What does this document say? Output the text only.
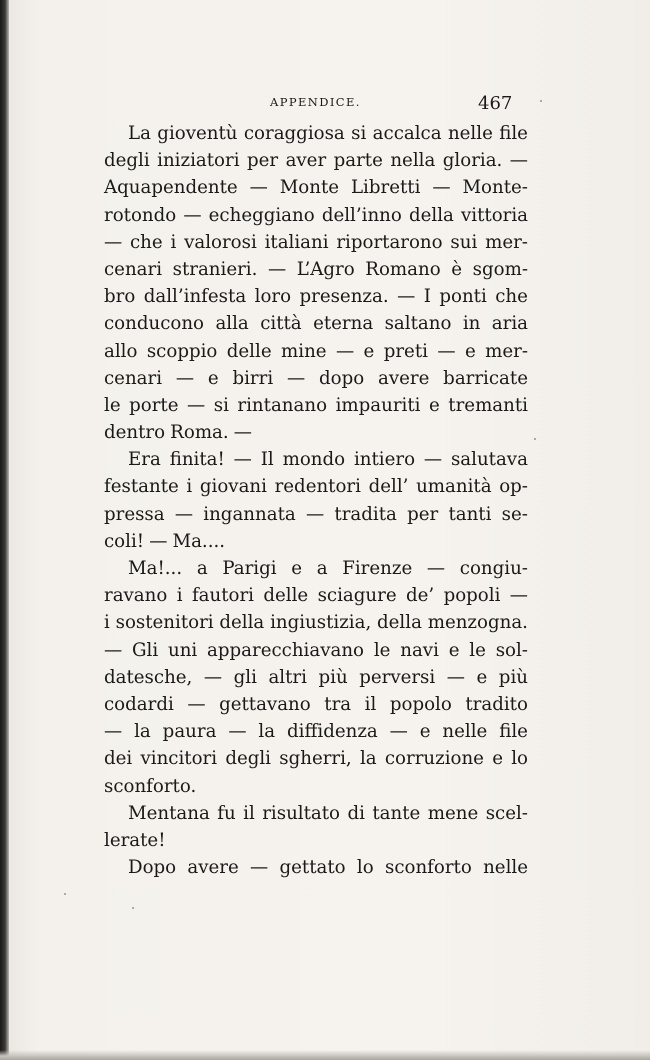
APPENDICE.	467
La gioventù coraggiosa si accalca nelle file
degli iniziatori per aver parte nella gloria. —
Aquapendente — Monte Libretti — Monte-
rotondo — echeggiano dell’inno della vittoria
— che i valorosi italiani riportarono sui mer-
cenari stranieri. — L’Agro Romano è sgom-
bro dall’infesta loro presenza. — I ponti che
conducono alla città eterna saltano in aria
allo scoppio delle mine — e preti — e mer-
cenari — e birri — dopo avere barricate
le porte — si rintanano impauriti e tremanti
dentro Roma. —
Era finita! — Il mondo intiero — salutava
festante i giovani redentori dell’ umanità op-
pressa — ingannata — tradita per tanti se-
coli! — Ma....
Ma!... a Parigi e a Firenze — congiu-
ravano i fautori delle sciagure de’ popoli —
i sostenitori della ingiustizia, della menzogna.
— Gli uni apparecchiavano le navi e le sol-
datesche, — gli altri più perversi — e più
codardi — gettavano tra il popolo tradito
— la paura — la diffidenza — e nelle file
dei vincitori degli sgherri, la corruzione e lo
sconforto.
Mentana fu il risultato di tante mene scel-
lerate!
Dopo avere — gettato lo sconforto nelle
